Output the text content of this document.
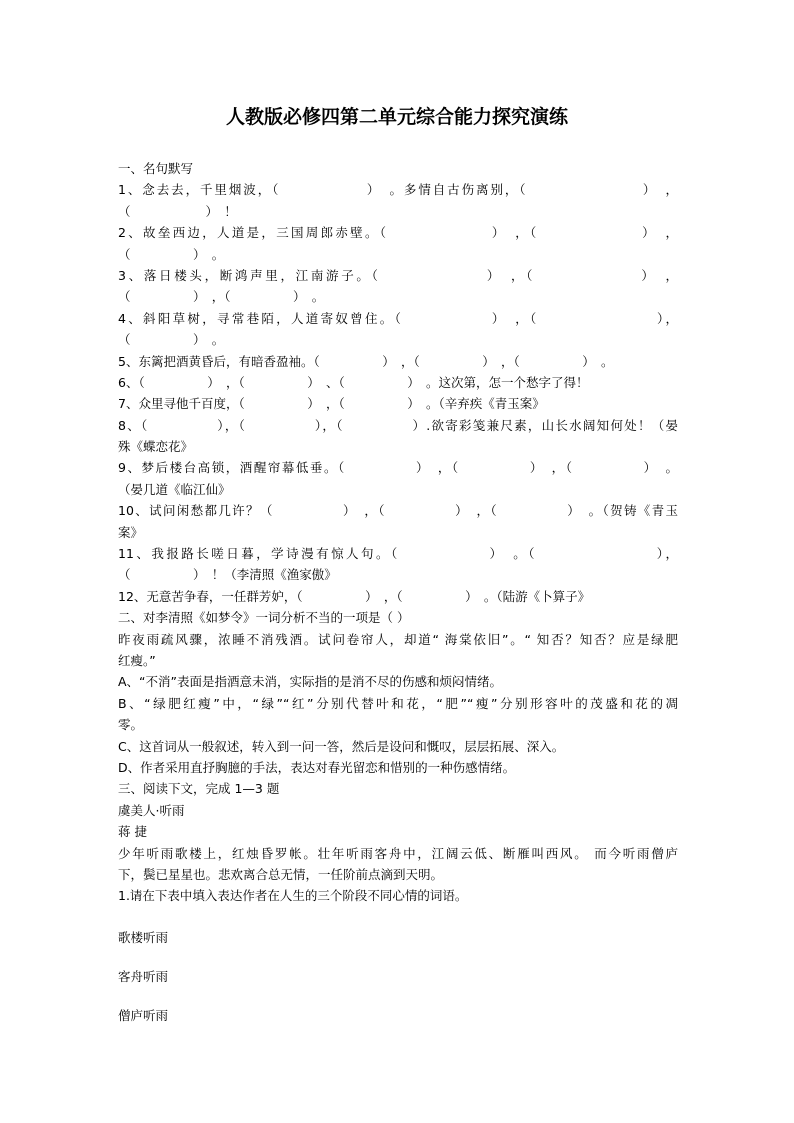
人教版必修四第二单元综合能力探究演练
一、名句默写
1、念去去，千里烟波，（　　　　　　）　。多情自古伤离别，（　　　　　　　　）　，
（　　　　　　）　！
2、故垒西边，人道是，三国周郎赤壁。（　　　　　　　）　，（　　　　　　　）　，
（　　　　　）　。
3、落日楼头，断鸿声里，江南游子。（　　　　　　　）　，（　　　　　　　）　，
（　　　　　）　，（　　　　　）　。
4、斜阳草树，寻常巷陌，人道寄奴曾住。（　　　　　　）　，（　　　　　　　　），
（　　　　　）　。
5、东篱把酒黄昏后，有暗香盈袖。（　　　　　）　，（　　　　　）　，（　　　　　）　。
6、（　　　　　）　，（　　　　　）　、（　　　　　）　。这次第，怎一个愁字了得！
7、众里寻他千百度，（　　　　　）　，（　　　　　）　。（辛弃疾《青玉案》
8、（　　　　　），（　　　　　），（　　　　　）.欲寄彩笺兼尺素，山长水阔知何处！（晏
殊《蝶恋花》
9、梦后楼台高锁，酒醒帘幕低垂。（　　　　　）　，（　　　　　）　，（　　　　　）　。
（晏几道《临江仙》
10、试问闲愁都几许？（　　　　　）　，（　　　　　）　，（　　　　　）　。（贺铸《青玉
案》
11、我报路长嗟日暮，学诗漫有惊人句。（　　　　　　）　。（　　　　　　　　），
（　　　　　）　！（李清照《渔家傲》
12、无意苦争春，一任群芳妒，（　　　　　）　，（　　　　　）　。（陆游《卜算子》
二、对李清照《如梦令》一词分析不当的一项是（ ）
昨夜雨疏风骤，浓睡不消残酒。试问卷帘人，却道“ 海棠依旧”。“ 知否？知否？应是绿肥
红瘦。”
A、“不消”表面是指酒意未消，实际指的是消不尽的伤感和烦闷情绪。
B、“绿肥红瘦”中，“绿”“红”分别代替叶和花，“肥”“瘦”分别形容叶的茂盛和花的凋
零。
C、这首词从一般叙述，转入到一问一答，然后是设问和慨叹，层层拓展、深入。
D、作者采用直抒胸臆的手法，表达对春光留恋和惜别的一种伤感情绪。
三、阅读下文，完成 1—3 题
虞美人·听雨
蒋 捷
少年听雨歌楼上，红烛昏罗帐。壮年听雨客舟中，江阔云低、断雁叫西风。 而今听雨僧庐
下，鬓已星星也。悲欢离合总无情，一任阶前点滴到天明。
1.请在下表中填入表达作者在人生的三个阶段不同心情的词语。
歌楼听雨
客舟听雨
僧庐听雨
